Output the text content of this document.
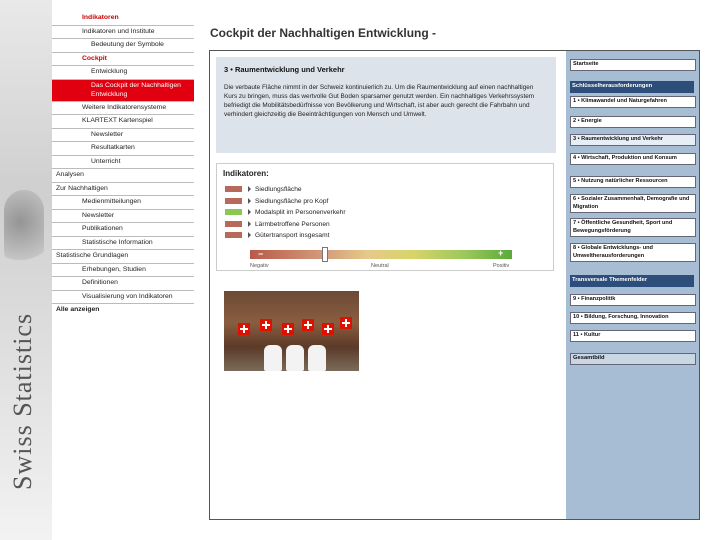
Swiss Statistics
Indikatoren
Indikatoren und Institute
Bedeutung der Symbole
Cockpit
Entwicklung
Das Cockpit der Nachhaltigen Entwicklung
Weitere Indikatorensysteme
KLARTEXT Kartenspiel
Newsletter
Resultatkarten
Unterricht
Analysen
Zur Nachhaltigen
Medienmitteilungen
Newsletter
Publikationen
Statistische Information
Statistische Grundlagen
Erhebungen, Studien
Definitionen
Visualisierung von Indikatoren
Alle anzeigen
Cockpit der Nachhaltigen Entwicklung -
3 • Raumentwicklung und Verkehr
Die verbaute Fläche nimmt in der Schweiz kontinuierlich zu. Um die Raumentwicklung auf einen nachhaltigen Kurs zu bringen, muss das wertvolle Gut Boden sparsamer genutzt werden. Ein nachhaltiges Verkehrssystem befriedigt die Mobilitätsbedürfnisse von Bevölkerung und Wirtschaft, ist aber auch gerecht die Fahrbahn und verhindert gleichzeitig die Beeinträchtigungen von Mensch und Umwelt.
Indikatoren:
Siedlungsfläche
Siedlungsfläche pro Kopf
Modalsplit im Personenverkehr
Lärmbetroffene Personen
Gütertransport insgesamt
−	+
Negativ	Neutral	Positiv
Startseite
Schlüsselherausforderungen
1 • Klimawandel und Naturgefahren
2 • Energie
3 • Raumentwicklung und Verkehr
4 • Wirtschaft, Produktion und Konsum
5 • Nutzung natürlicher Ressourcen
6 • Sozialer Zusammenhalt, Demografie und Migration
7 • Öffentliche Gesundheit, Sport und Bewegungsförderung
8 • Globale Entwicklungs- und Umweltherausforderungen
Transversale Themenfelder
9 • Finanzpolitik
10 • Bildung, Forschung, Innovation
11 • Kultur
Gesamtbild
